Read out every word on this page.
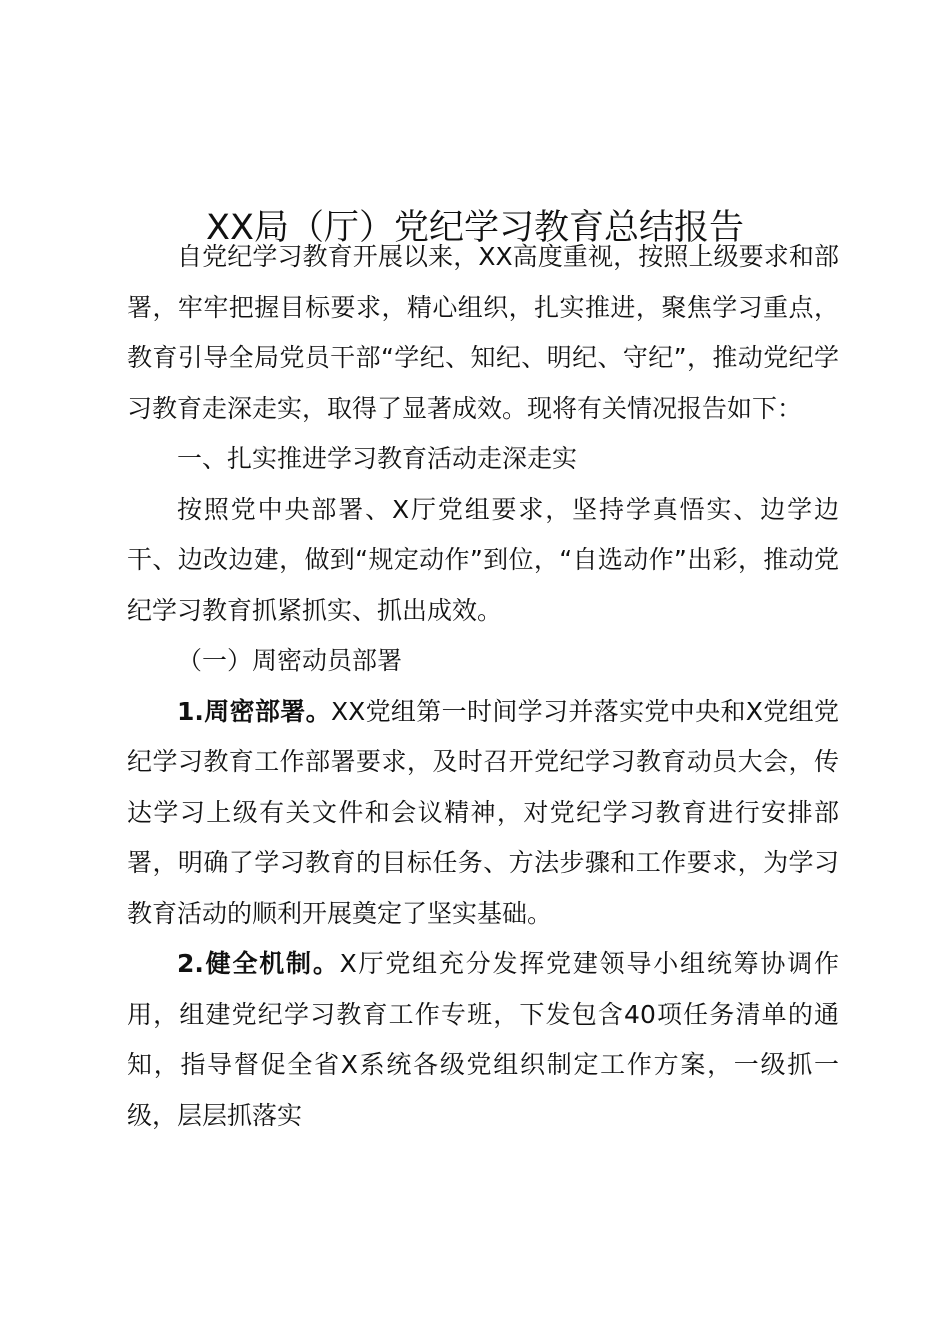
XX局（厅）党纪学习教育总结报告

自党纪学习教育开展以来，XX高度重视，按照上级要求和部署，牢牢把握目标要求，精心组织，扎实推进，聚焦学习重点，教育引导全局党员干部“学纪、知纪、明纪、守纪”，推动党纪学习教育走深走实，取得了显著成效。现将有关情况报告如下：

一、扎实推进学习教育活动走深走实

按照党中央部署、X厅党组要求，坚持学真悟实、边学边干、边改边建，做到“规定动作”到位，“自选动作”出彩，推动党纪学习教育抓紧抓实、抓出成效。

（一）周密动员部署

1.周密部署。XX党组第一时间学习并落实党中央和X党组党纪学习教育工作部署要求，及时召开党纪学习教育动员大会，传达学习上级有关文件和会议精神，对党纪学习教育进行安排部署，明确了学习教育的目标任务、方法步骤和工作要求，为学习教育活动的顺利开展奠定了坚实基础。

2.健全机制。X厅党组充分发挥党建领导小组统筹协调作用，组建党纪学习教育工作专班，下发包含40项任务清单的通知，指导督促全省X系统各级党组织制定工作方案，一级抓一级，层层抓落实
